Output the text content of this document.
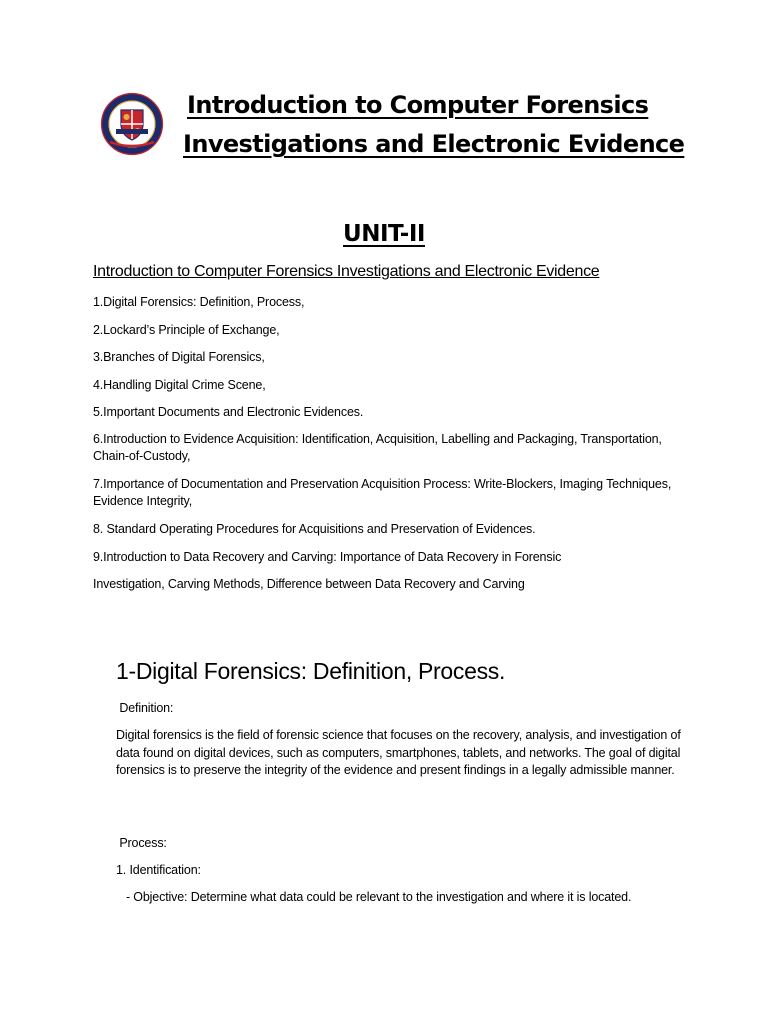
Introduction to Computer Forensics
Investigations and Electronic Evidence
UNIT-II
Introduction to Computer Forensics Investigations and Electronic Evidence
1.Digital Forensics: Definition, Process,
2.Lockard’s Principle of Exchange,
3.Branches of Digital Forensics,
4.Handling Digital Crime Scene,
5.Important Documents and Electronic Evidences.
6.Introduction to Evidence Acquisition: Identification, Acquisition, Labelling and Packaging, Transportation, Chain-of-Custody,
7.Importance of Documentation and Preservation Acquisition Process: Write-Blockers, Imaging Techniques, Evidence Integrity,
8. Standard Operating Procedures for Acquisitions and Preservation of Evidences.
9.Introduction to Data Recovery and Carving: Importance of Data Recovery in Forensic
Investigation, Carving Methods, Difference between Data Recovery and Carving
1-Digital Forensics: Definition, Process.
Definition:
Digital forensics is the field of forensic science that focuses on the recovery, analysis, and investigation of data found on digital devices, such as computers, smartphones, tablets, and networks. The goal of digital forensics is to preserve the integrity of the evidence and present findings in a legally admissible manner.
Process:
1. Identification:
- Objective: Determine what data could be relevant to the investigation and where it is located.
